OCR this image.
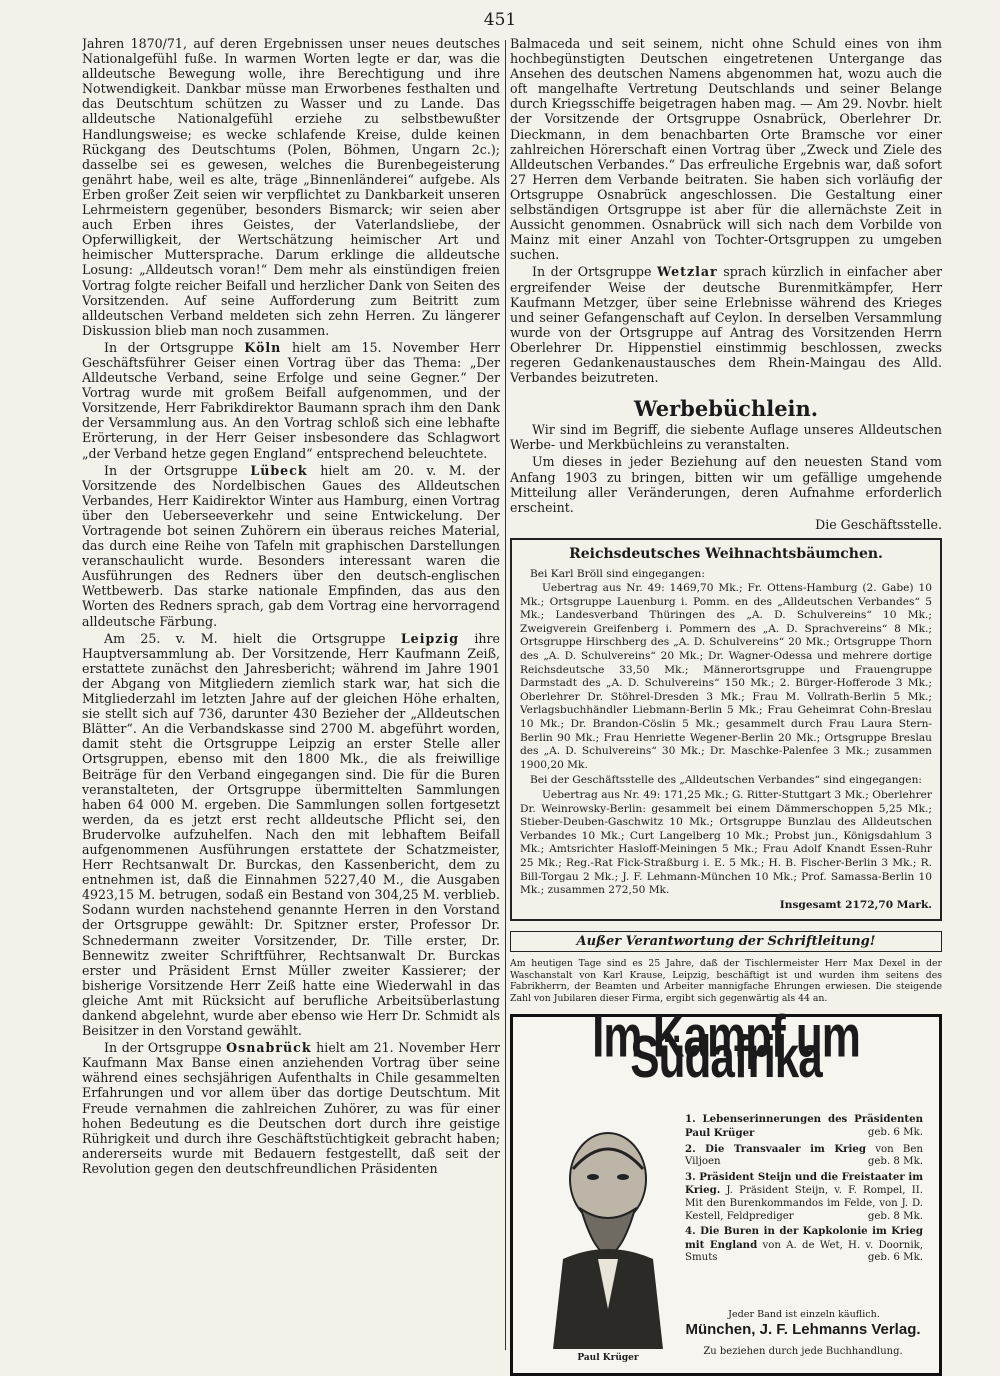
451

Jahren 1870/71, auf deren Ergebnissen unser neues deutsches Nationalgefühl fuße. In warmen Worten legte er dar, was die alldeutsche Bewegung wolle, ihre Berechtigung und ihre Notwendigkeit. Dankbar müsse man Erworbenes festhalten und das Deutschtum schützen zu Wasser und zu Lande. Das alldeutsche Nationalgefühl erziehe zu selbstbewußter Handlungsweise; es wecke schlafende Kreise, dulde keinen Rückgang des Deutschtums (Polen, Böhmen, Ungarn 2c.); dasselbe sei es gewesen, welches die Burenbegeisterung genährt habe, weil es alte, träge „Binnenländerei“ aufgebe. Als Erben großer Zeit seien wir verpflichtet zu Dankbarkeit unseren Lehrmeistern gegenüber, besonders Bismarck; wir seien aber auch Erben ihres Geistes, der Vaterlandsliebe, der Opferwilligkeit, der Wertschätzung heimischer Art und heimischer Muttersprache. Darum erklinge die alldeutsche Losung: „Alldeutsch voran!“ Dem mehr als einstündigen freien Vortrag folgte reicher Beifall und herzlicher Dank von Seiten des Vorsitzenden. Auf seine Aufforderung zum Beitritt zum alldeutschen Verband meldeten sich zehn Herren. Zu längerer Diskussion blieb man noch zusammen.

In der Ortsgruppe Köln hielt am 15. November Herr Geschäftsführer Geiser einen Vortrag über das Thema: „Der Alldeutsche Verband, seine Erfolge und seine Gegner.“ Der Vortrag wurde mit großem Beifall aufgenommen, und der Vorsitzende, Herr Fabrikdirektor Baumann sprach ihm den Dank der Versammlung aus. An den Vortrag schloß sich eine lebhafte Erörterung, in der Herr Geiser insbesondere das Schlagwort „der Verband hetze gegen England“ entsprechend beleuchtete.

In der Ortsgruppe Lübeck hielt am 20. v. M. der Vorsitzende des Nordelbischen Gaues des Alldeutschen Verbandes, Herr Kaidirektor Winter aus Hamburg, einen Vortrag über den Ueberseeverkehr und seine Entwickelung. Der Vortragende bot seinen Zuhörern ein überaus reiches Material, das durch eine Reihe von Tafeln mit graphischen Darstellungen veranschaulicht wurde. Besonders interessant waren die Ausführungen des Redners über den deutsch-englischen Wettbewerb. Das starke nationale Empfinden, das aus den Worten des Redners sprach, gab dem Vortrag eine hervorragend alldeutsche Färbung.

Am 25. v. M. hielt die Ortsgruppe Leipzig ihre Hauptversammlung ab. Der Vorsitzende, Herr Kaufmann Zeiß, erstattete zunächst den Jahresbericht; während im Jahre 1901 der Abgang von Mitgliedern ziemlich stark war, hat sich die Mitgliederzahl im letzten Jahre auf der gleichen Höhe erhalten, sie stellt sich auf 736, darunter 430 Bezieher der „Alldeutschen Blätter“. An die Verbandskasse sind 2700 M. abgeführt worden, damit steht die Ortsgruppe Leipzig an erster Stelle aller Ortsgruppen, ebenso mit den 1800 Mk., die als freiwillige Beiträge für den Verband eingegangen sind. Die für die Buren veranstalteten, der Ortsgruppe übermittelten Sammlungen haben 64 000 M. ergeben. Die Sammlungen sollen fortgesetzt werden, da es jetzt erst recht alldeutsche Pflicht sei, den Brudervolke aufzuhelfen. Nach den mit lebhaftem Beifall aufgenommenen Ausführungen erstattete der Schatzmeister, Herr Rechtsanwalt Dr. Burckas, den Kassenbericht, dem zu entnehmen ist, daß die Einnahmen 5227,40 M., die Ausgaben 4923,15 M. betrugen, sodaß ein Bestand von 304,25 M. verblieb. Sodann wurden nachstehend genannte Herren in den Vorstand der Ortsgruppe gewählt: Dr. Spitzner erster, Professor Dr. Schnedermann zweiter Vorsitzender, Dr. Tille erster, Dr. Bennewitz zweiter Schriftführer, Rechtsanwalt Dr. Burckas erster und Präsident Ernst Müller zweiter Kassierer; der bisherige Vorsitzende Herr Zeiß hatte eine Wiederwahl in das gleiche Amt mit Rücksicht auf berufliche Arbeitsüberlastung dankend abgelehnt, wurde aber ebenso wie Herr Dr. Schmidt als Beisitzer in den Vorstand gewählt.

In der Ortsgruppe Osnabrück hielt am 21. November Herr Kaufmann Max Banse einen anziehenden Vortrag über seine während eines sechsjährigen Aufenthalts in Chile gesammelten Erfahrungen und vor allem über das dortige Deutschtum. Mit Freude vernahmen die zahlreichen Zuhörer, zu was für einer hohen Bedeutung es die Deutschen dort durch ihre geistige Rührigkeit und durch ihre Geschäftstüchtigkeit gebracht haben; andererseits wurde mit Bedauern festgestellt, daß seit der Revolution gegen den deutschfreundlichen Präsidenten

Balmaceda und seit seinem, nicht ohne Schuld eines von ihm hochbegünstigten Deutschen eingetretenen Untergange das Ansehen des deutschen Namens abgenommen hat, wozu auch die oft mangelhafte Vertretung Deutschlands und seiner Belange durch Kriegsschiffe beigetragen haben mag. — Am 29. Novbr. hielt der Vorsitzende der Ortsgruppe Osnabrück, Oberlehrer Dr. Dieckmann, in dem benachbarten Orte Bramsche vor einer zahlreichen Hörerschaft einen Vortrag über „Zweck und Ziele des Alldeutschen Verbandes.“ Das erfreuliche Ergebnis war, daß sofort 27 Herren dem Verbande beitraten. Sie haben sich vorläufig der Ortsgruppe Osnabrück angeschlossen. Die Gestaltung einer selbständigen Ortsgruppe ist aber für die allernächste Zeit in Aussicht genommen. Osnabrück will sich nach dem Vorbilde von Mainz mit einer Anzahl von Tochter-Ortsgruppen zu umgeben suchen.

In der Ortsgruppe Wetzlar sprach kürzlich in einfacher aber ergreifender Weise der deutsche Burenmitkämpfer, Herr Kaufmann Metzger, über seine Erlebnisse während des Krieges und seiner Gefangenschaft auf Ceylon. In derselben Versammlung wurde von der Ortsgruppe auf Antrag des Vorsitzenden Herrn Oberlehrer Dr. Hippenstiel einstimmig beschlossen, zwecks regeren Gedankenaustausches dem Rhein-Maingau des Alld. Verbandes beizutreten.

Werbebüchlein.

Wir sind im Begriff, die siebente Auflage unseres Alldeutschen Werbe- und Merkbüchleins zu veranstalten.

Um dieses in jeder Beziehung auf den neuesten Stand vom Anfang 1903 zu bringen, bitten wir um gefällige umgehende Mitteilung aller Veränderungen, deren Aufnahme erforderlich erscheint.

Die Geschäftsstelle.
Reichsdeutsches Weihnachtsbäumchen.

Bei Karl Bröll sind eingegangen:

Uebertrag aus Nr. 49: 1469,70 Mk.; Fr. Ottens-Hamburg (2. Gabe) 10 Mk.; Ortsgruppe Lauenburg i. Pomm. en des „Alldeutschen Verbandes“ 5 Mk.; Landesverband Thüringen des „A. D. Schulvereins“ 10 Mk.; Zweigverein Greifenberg i. Pommern des „A. D. Sprachvereins“ 8 Mk.; Ortsgruppe Hirschberg des „A. D. Schulvereins“ 20 Mk.; Ortsgruppe Thorn des „A. D. Schulvereins“ 20 Mk.; Dr. Wagner-Odessa und mehrere dortige Reichsdeutsche 33,50 Mk.; Männerortsgruppe und Frauengruppe Darmstadt des „A. D. Schulvereins“ 150 Mk.; 2. Bürger-Hofferode 3 Mk.; Oberlehrer Dr. Stöhrel-Dresden 3 Mk.; Frau M. Vollrath-Berlin 5 Mk.; Verlagsbuchhändler Liebmann-Berlin 5 Mk.; Frau Geheimrat Cohn-Breslau 10 Mk.; Dr. Brandon-Cöslin 5 Mk.; gesammelt durch Frau Laura Stern-Berlin 90 Mk.; Frau Henriette Wegener-Berlin 20 Mk.; Ortsgruppe Breslau des „A. D. Schulvereins“ 30 Mk.; Dr. Maschke-Palenfee 3 Mk.; zusammen 1900,20 Mk.

Bei der Geschäftsstelle des „Alldeutschen Verbandes“ sind eingegangen:

Uebertrag aus Nr. 49: 171,25 Mk.; G. Ritter-Stuttgart 3 Mk.; Oberlehrer Dr. Weinrowsky-Berlin: gesammelt bei einem Dämmerschoppen 5,25 Mk.; Stieber-Deuben-Gaschwitz 10 Mk.; Ortsgruppe Bunzlau des Alldeutschen Verbandes 10 Mk.; Curt Langelberg 10 Mk.; Probst jun., Königsdahlum 3 Mk.; Amtsrichter Hasloff-Meiningen 5 Mk.; Frau Adolf Knandt Essen-Ruhr 25 Mk.; Reg.-Rat Fick-Straßburg i. E. 5 Mk.; H. B. Fischer-Berlin 3 Mk.; R. Bill-Torgau 2 Mk.; J. F. Lehmann-München 10 Mk.; Prof. Samassa-Berlin 10 Mk.; zusammen 272,50 Mk.

Insgesamt 2172,70 Mark.

Außer Verantwortung der Schriftleitung!
Am heutigen Tage sind es 25 Jahre, daß der Tischlermeister Herr Max Dexel in der Waschanstalt von Karl Krause, Leipzig, beschäftigt ist und wurden ihm seitens des Fabrikherrn, der Beamten und Arbeiter mannigfache Ehrungen erwiesen. Die steigende Zahl von Jubilaren dieser Firma, ergibt sich gegenwärtig als 44 an.
Im Kampf um Südafrika
Paul Krüger
1. Lebenserinnerungen des Präsidenten Paul Krüger	geb. 6 Mk.
2. Die Transvaaler im Krieg von Ben Viljoen	geb. 8 Mk.
3. Präsident Steijn und die Freistaater im Krieg. J. Präsident Steijn, v. F. Rompel, II. Mit den Burenkommandos im Felde, von J. D. Kestell, Feldprediger	geb. 8 Mk.
4. Die Buren in der Kapkolonie im Krieg mit England von A. de Wet, H. v. Doornik, Smuts	geb. 6 Mk.
Jeder Band ist einzeln käuflich.
München, J. F. Lehmanns Verlag.
Zu beziehen durch jede Buchhandlung.
